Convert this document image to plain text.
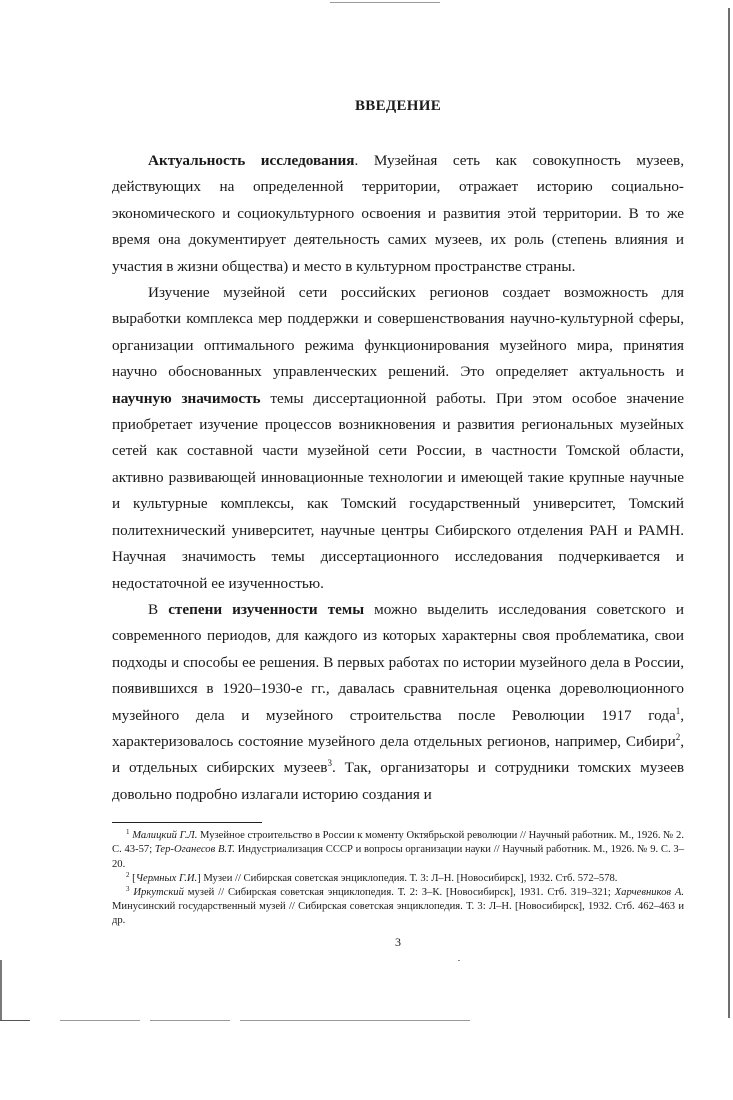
ВВЕДЕНИЕ

Актуальность исследования. Музейная сеть как совокупность музеев, действующих на определенной территории, отражает историю социально-экономического и социокультурного освоения и развития этой территории. В то же время она документирует деятельность самих музеев, их роль (степень влияния и участия в жизни общества) и место в культурном пространстве страны.

Изучение музейной сети российских регионов создает возможность для выработки комплекса мер поддержки и совершенствования научно-культурной сферы, организации оптимального режима функционирования музейного мира, принятия научно обоснованных управленческих решений. Это определяет актуальность и научную значимость темы диссертационной работы. При этом особое значение приобретает изучение процессов возникновения и развития региональных музейных сетей как составной части музейной сети России, в частности Томской области, активно развивающей инновационные технологии и имеющей такие крупные научные и культурные комплексы, как Томский государственный университет, Томский политехнический университет, научные центры Сибирского отделения РАН и РАМН. Научная значимость темы диссертационного исследования подчеркивается и недостаточной ее изученностью.

В степени изученности темы можно выделить исследования советского и современного периодов, для каждого из которых характерны своя проблематика, свои подходы и способы ее решения. В первых работах по истории музейного дела в России, появившихся в 1920–1930-е гг., давалась сравнительная оценка дореволюционного музейного дела и музейного строительства после Революции 1917 года$^1$, характеризовалось состояние музейного дела отдельных регионов, например, Сибири$^2$, и отдельных сибирских музеев$^3$. Так, организаторы и сотрудники томских музеев довольно подробно излагали историю создания и

$^1$ Малицкий Г.Л. Музейное строительство в России к моменту Октябрьской революции // Научный работник. М., 1926. № 2. С. 43-57; Тер-Оганесов В.Т. Индустриализация СССР и вопросы организации науки // Научный работник. М., 1926. № 9. С. 3–20.

$^2$ [Чермных Г.И.] Музеи // Сибирская советская энциклопедия. Т. 3: Л–Н. [Новосибирск], 1932. Стб. 572–578.

$^3$ Иркутский музей // Сибирская советская энциклопедия. Т. 2: З–К. [Новосибирск], 1931. Стб. 319–321; Харчевников А. Минусинский государственный музей // Сибирская советская энциклопедия. Т. 3: Л–Н. [Новосибирск], 1932. Стб. 462–463 и др.

3
